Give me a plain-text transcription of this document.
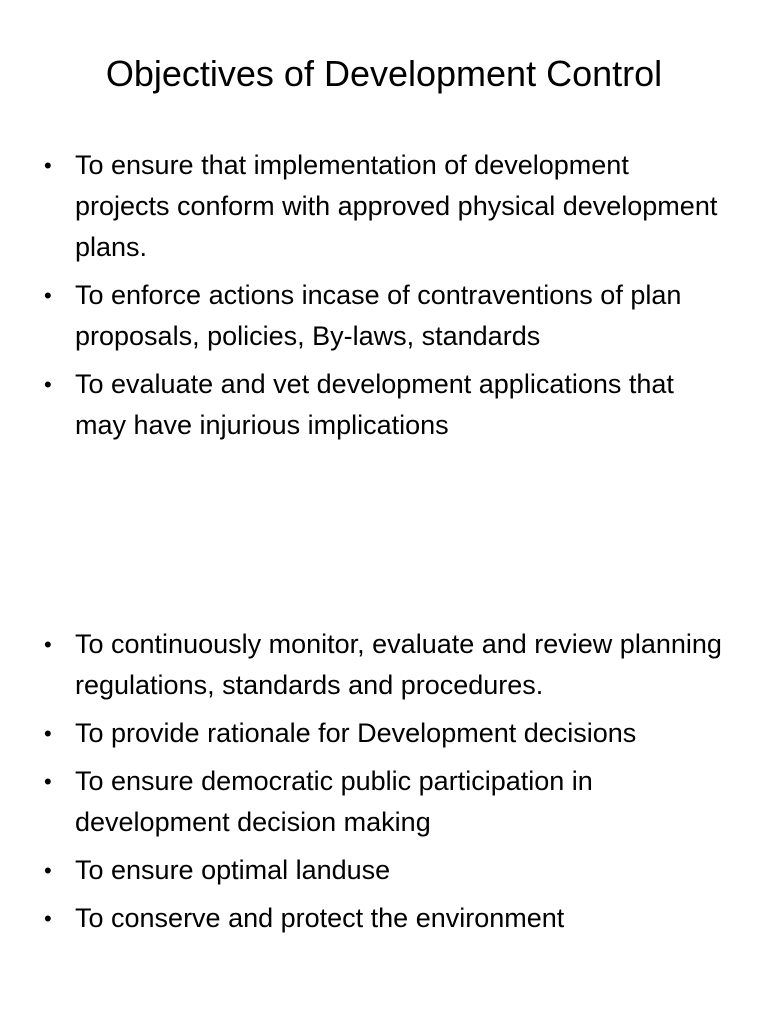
Objectives of Development Control
• To ensure that implementation of development projects conform with approved physical development plans.
• To enforce actions incase of contraventions of plan proposals, policies, By-laws, standards
• To evaluate and vet development applications that may have injurious implications
• To continuously monitor, evaluate and review planning regulations, standards and procedures.
• To provide rationale for Development decisions
• To ensure democratic public participation in development decision making
• To ensure optimal landuse
• To conserve and protect the environment
